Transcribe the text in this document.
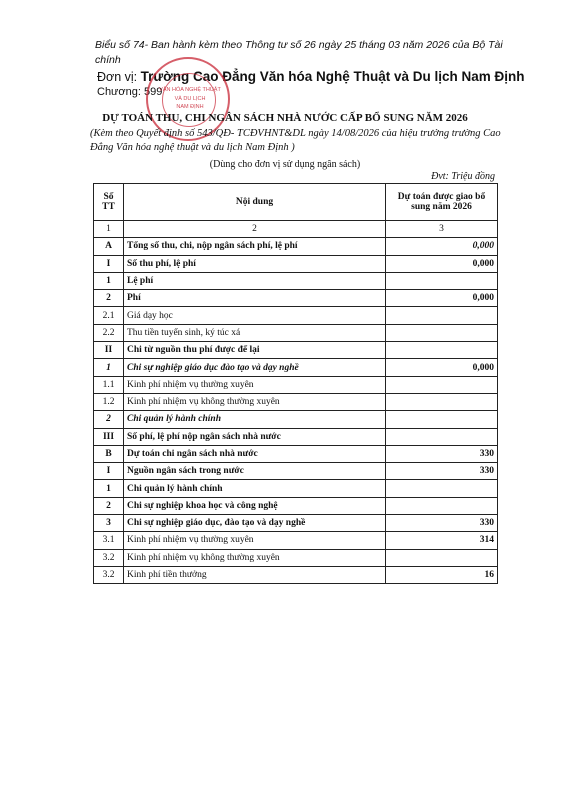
Biểu số 74- Ban hành kèm theo Thông tư số 26 ngày 25 tháng 03 năm 2026 của Bộ Tài chính
Đơn vị: Trường Cao Đẳng Văn hóa Nghệ Thuật và Du lịch Nam Định
Chương: 599
VĂN HÓA NGHỆ THUẬT
VÀ DU LỊCH
NAM ĐỊNH
DỰ TOÁN THU, CHI NGÂN SÁCH NHÀ NƯỚC CẤP BỔ SUNG NĂM 2026
(Kèm theo Quyết định số 543/QĐ- TCĐVHNT&DL ngày 14/08/2026 của hiệu trưởng trường Cao Đẳng Văn hóa nghệ thuật và du lịch Nam Định )
(Dùng cho đơn vị sử dụng ngân sách)
Đvt: Triệu đồng
Số TT	Nội dung	Dự toán được giao bổ sung năm 2026
1	2	3
A	Tổng số thu, chi, nộp ngân sách phí, lệ phí	0,000
I	Số thu phí, lệ phí	0,000
1	Lệ phí	
2	Phí	0,000
2.1	Giá dạy học	
2.2	Thu tiền tuyển sinh, ký túc xá	
II	Chi từ nguồn thu phí được để lại	
1	Chi sự nghiệp giáo dục đào tạo và dạy nghề	0,000
1.1	Kinh phí nhiệm vụ thường xuyên	
1.2	Kinh phí nhiệm vụ không thường xuyên	
2	Chi quản lý hành chính	
III	Số phí, lệ phí nộp ngân sách nhà nước	
B	Dự toán chi ngân sách nhà nước	330
I	Nguồn ngân sách trong nước	330
1	Chi quản lý hành chính	
2	Chi sự nghiệp khoa học và công nghệ	
3	Chi sự nghiệp giáo dục, đào tạo và dạy nghề	330
3.1	Kinh phí nhiệm vụ thường xuyên	314
3.2	Kinh phí nhiệm vụ không thường xuyên	
3.2	Kinh phí tiền thưởng	16
